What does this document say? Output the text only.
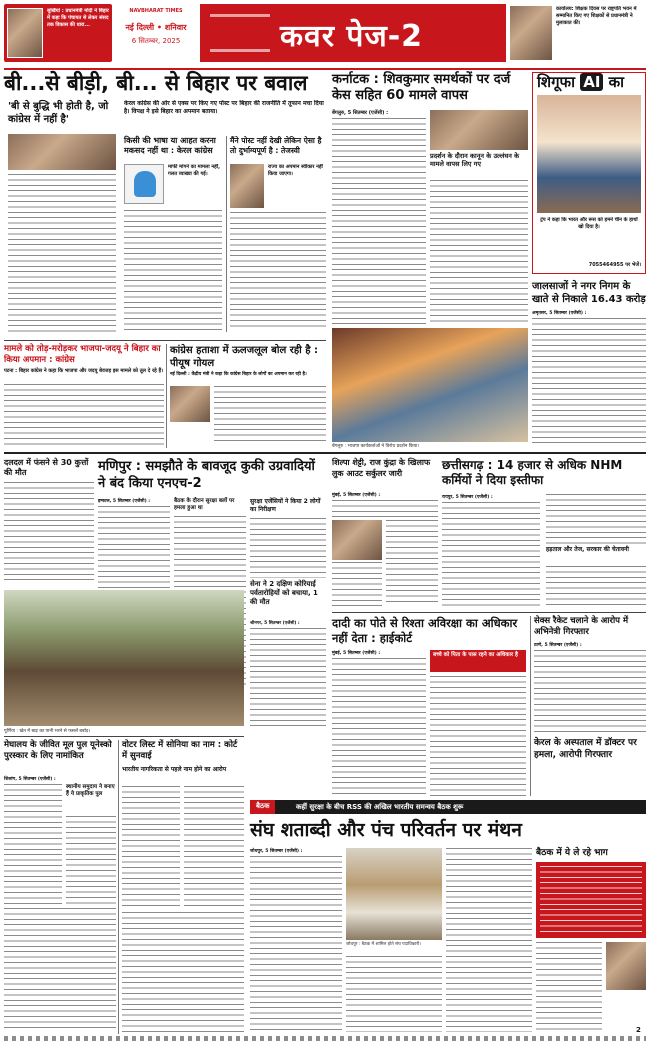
सुर्खियां : प्रधानमंत्री मोदी ने बिहार में कहा कि पंचायत से लेकर संसद तक विकास की धारा...
NAVBHARAT TIMES
नई दिल्ली • शनिवार
6 सितम्बर, 2025	कवर पेज-2
कार्यालय: शिक्षक दिवस पर राष्ट्रपति भवन में सम्मानित किए गए शिक्षकों से प्रधानमंत्री ने मुलाकात की।
बी...से बीड़ी, बी... से बिहार पर बवाल
'बी से बुद्धि भी होती है, जो कांग्रेस में नहीं है'
केरल कांग्रेस की ओर से एक्स पर किए गए पोस्ट पर बिहार की राजनीति में तूफान मचा दिया है। विपक्ष ने इसे बिहार का अपमान बताया।
किसी की भाषा या आहत करना मकसद नहीं था : केरल कांग्रेस
माफी मांगने का मामला नहीं, गलत व्याख्या की गई।
मैंने पोस्ट नहीं देखी लेकिन ऐसा है तो दुर्भाग्यपूर्ण है : तेजस्वी
राज्य का अपमान स्वीकार नहीं किया जाएगा।
कर्नाटक : शिवकुमार समर्थकों पर दर्ज केस सहित 60 मामले वापस
बेंगलुरु, 5 सितम्बर (एजेंसी) :
प्रदर्शन के दौरान कानून के उल्लंघन के मामले वापस लिए गए
बेंगलुरु : भाजपा कार्यकर्ताओं ने विरोध प्रदर्शन किया।
शिगूफा AI का
ट्रंप ने कहा कि भारत और रूस को हमने चीन के हाथों खो दिया है।
7055464955 पर भेजें।
जालसाजों ने नगर निगम के खाते से निकाले 16.43 करोड़
अमृतसर, 5 सितम्बर (एजेंसी) :
मामले को तोड़-मरोड़कर भाजपा-जदयू ने बिहार का किया अपमान : कांग्रेस
पटना : बिहार कांग्रेस ने कहा कि भाजपा और जदयू बेवजह इस मामले को तूल दे रहे हैं।
कांग्रेस हताशा में ऊलजलूल बोल रही है : पीयूष गोयल
नई दिल्ली : केंद्रीय मंत्री ने कहा कि कांग्रेस बिहार के लोगों का अपमान कर रही है।
दलदल में फंसने से 30 कुत्तों की मौत	मणिपुर : समझौते के बावजूद कुकी उग्रवादियों ने बंद किया एनएच-2
इम्फाल, 5 सितम्बर (एजेंसी) :	बैठक के दौरान सुरक्षा बलों पर हमला हुआ था
सुरक्षा एजेंसियों ने किया 2 लोगों का निरीक्षण
सेना ने 2 दक्षिण कोरियाई पर्वतारोहियों को बचाया, 1 की मौत
श्रीनगर, 5 सितम्बर (एजेंसी) :
पूर्णिया : खेत में बाढ़ का पानी भरने से फसलें बर्बाद।
शिल्पा शेट्टी, राज कुंद्रा के खिलाफ लुक आउट सर्कुलर जारी
मुंबई, 5 सितम्बर (एजेंसी) :
छत्तीसगढ़ : 14 हजार से अधिक NHM कर्मियों ने दिया इस्तीफा
रायपुर, 5 सितम्बर (एजेंसी) :
हड़ताल और तेज, सरकार की चेतावनी
दादी का पोते से रिश्ता अविरक्षा का अधिकार नहीं देता : हाईकोर्ट
मुंबई, 5 सितम्बर (एजेंसी) :	बच्चे को पिता के पास रहने का अधिकार है
सेक्स रैकेट चलाने के आरोप में अभिनेत्री गिरफ्तार
ठाणे, 5 सितम्बर (एजेंसी) :
केरल के अस्पताल में डॉक्टर पर हमला, आरोपी गिरफ्तार
मेघालय के जीवित मूल पुल यूनेस्को पुरस्कार के लिए नामांकित
शिलांग, 5 सितम्बर (एजेंसी) :
स्थानीय समुदाय ने बनाए हैं ये प्राकृतिक पुल
वोटर लिस्ट में सोनिया का नाम : कोर्ट में सुनवाई
भारतीय नागरिकता से पहले नाम होने का आरोप
बैठक	कहीं सुरक्षा के बीच RSS की अखिल भारतीय समन्वय बैठक शुरू
संघ शताब्दी और पंच परिवर्तन पर मंथन
जोधपुर, 5 सितम्बर (एजेंसी) :
जोधपुर : बैठक में शामिल होते संघ पदाधिकारी।
बैठक में ये ले रहे भाग
2
